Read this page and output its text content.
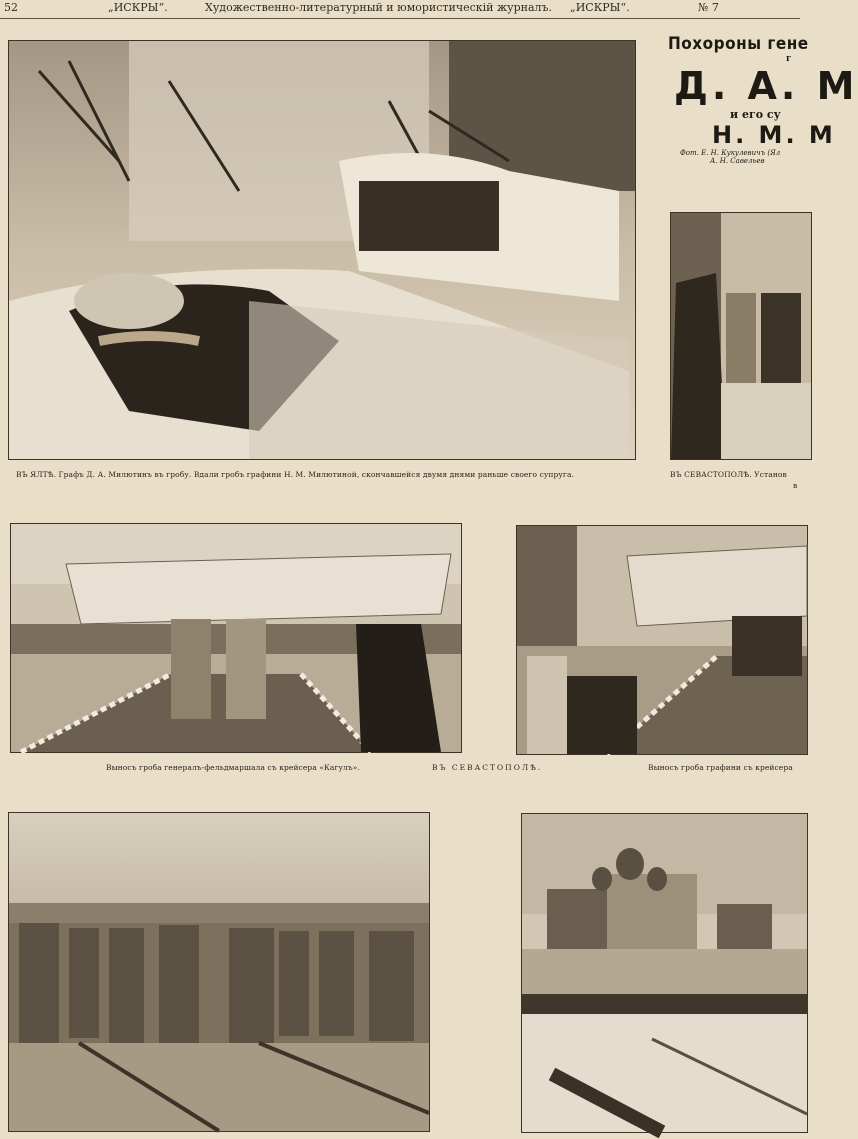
52	„ИСКРЫ“.	Художественно-литературный и юмористическій журналъ. „ИСКРЫ“.	№ 7
Похороны гене
г
Д. А. М
и его су
Н. М. М
Фот. Е. Н. Кукулевичъ (Ял
А. Н. Савельев
ВЪ ЯЛТѢ. Графъ Д. А. Милютинъ въ гробу. Вдали гробъ графини Н. М. Милютиной, скончавшейся двумя днями раньше своего супруга.	ВЪ СЕВАСТОПОЛѢ. Установ
в
Выносъ гроба генералъ-фельдмаршала съ крейсера «Кагулъ».	ВЪ СЕВАСТОПОЛѢ.	Выносъ гроба графини съ крейсера
